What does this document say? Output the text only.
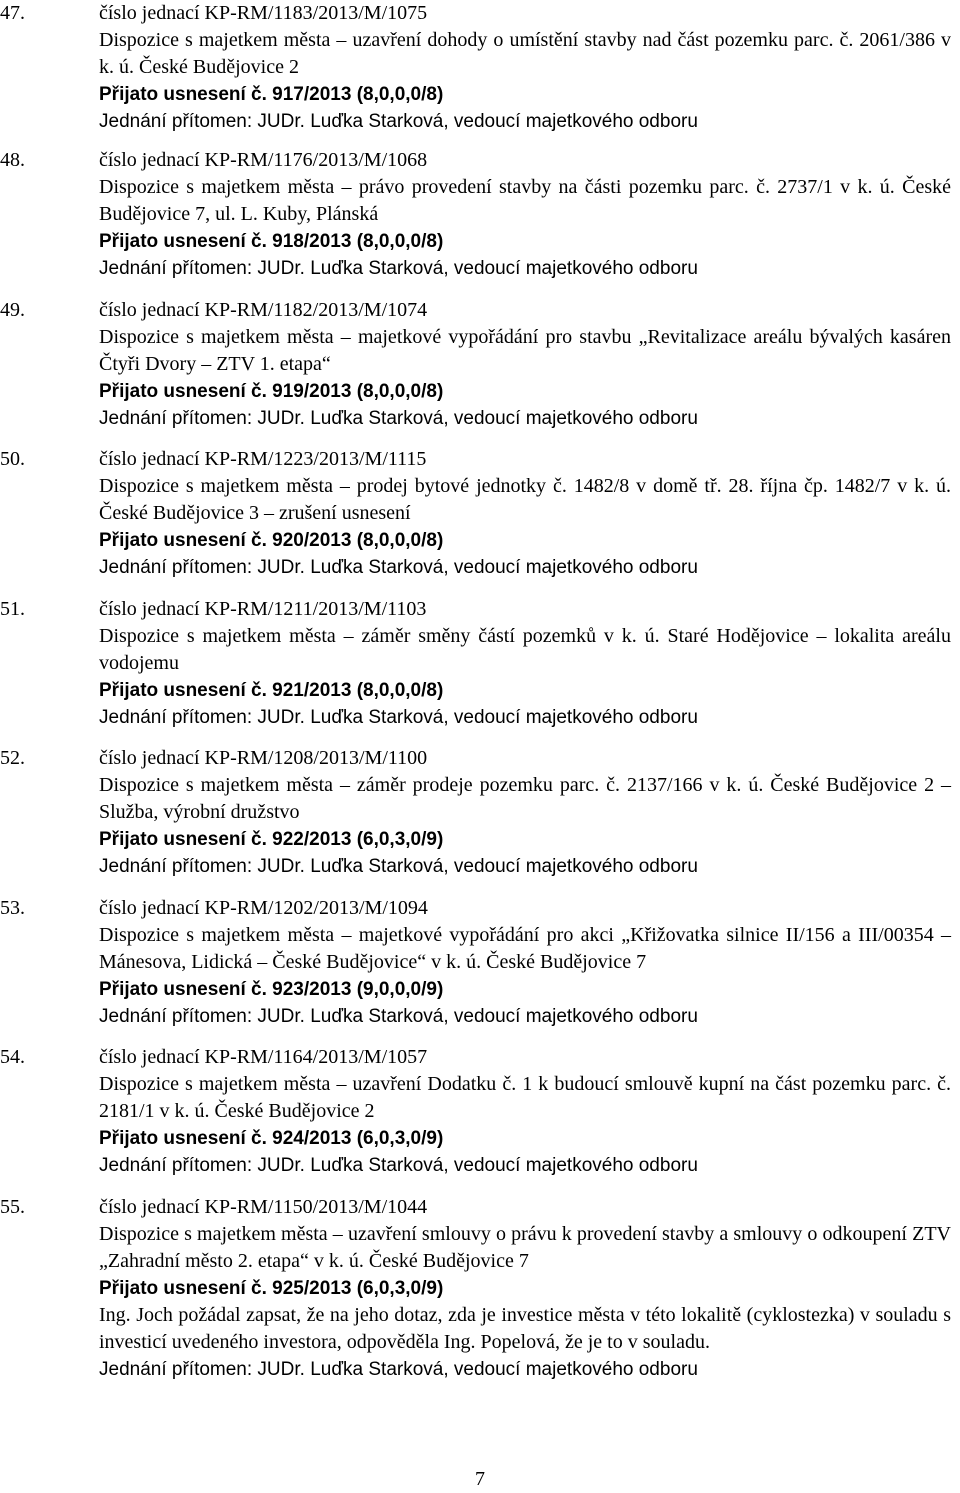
47.	číslo jednací KP-RM/1183/2013/M/1075

Dispozice s majetkem města – uzavření dohody o umístění stavby nad část pozemku parc. č. 2061/386 v k. ú. České Budějovice 2

Přijato usnesení č. 917/2013 (8,0,0,0/8)

Jednání přítomen: JUDr. Luďka Starková, vedoucí majetkového odboru

48.	číslo jednací KP-RM/1176/2013/M/1068

Dispozice s majetkem města – právo provedení stavby na části pozemku parc. č. 2737/1 v k. ú. České Budějovice 7, ul. L. Kuby, Plánská

Přijato usnesení č. 918/2013 (8,0,0,0/8)

Jednání přítomen: JUDr. Luďka Starková, vedoucí majetkového odboru

49.	číslo jednací KP-RM/1182/2013/M/1074

Dispozice s majetkem města – majetkové vypořádání pro stavbu „Revitalizace areálu bývalých kasáren Čtyři Dvory – ZTV 1. etapa“

Přijato usnesení č. 919/2013 (8,0,0,0/8)

Jednání přítomen: JUDr. Luďka Starková, vedoucí majetkového odboru

50.	číslo jednací KP-RM/1223/2013/M/1115

Dispozice s majetkem města – prodej bytové jednotky č. 1482/8 v domě tř. 28. října čp. 1482/7 v k. ú. České Budějovice 3 – zrušení usnesení

Přijato usnesení č. 920/2013 (8,0,0,0/8)

Jednání přítomen: JUDr. Luďka Starková, vedoucí majetkového odboru

51.	číslo jednací KP-RM/1211/2013/M/1103

Dispozice s majetkem města – záměr směny částí pozemků v k. ú. Staré Hodějovice – lokalita areálu vodojemu

Přijato usnesení č. 921/2013 (8,0,0,0/8)

Jednání přítomen: JUDr. Luďka Starková, vedoucí majetkového odboru

52.	číslo jednací KP-RM/1208/2013/M/1100

Dispozice s majetkem města – záměr prodeje pozemku parc. č. 2137/166 v k. ú. České Budějovice 2 – Služba, výrobní družstvo

Přijato usnesení č. 922/2013 (6,0,3,0/9)

Jednání přítomen: JUDr. Luďka Starková, vedoucí majetkového odboru

53.	číslo jednací KP-RM/1202/2013/M/1094

Dispozice s majetkem města – majetkové vypořádání pro akci „Křižovatka silnice II/156 a III/00354 – Mánesova, Lidická – České Budějovice“ v k. ú. České Budějovice 7

Přijato usnesení č. 923/2013 (9,0,0,0/9)

Jednání přítomen: JUDr. Luďka Starková, vedoucí majetkového odboru

54.	číslo jednací KP-RM/1164/2013/M/1057

Dispozice s majetkem města – uzavření Dodatku č. 1 k budoucí smlouvě kupní na část pozemku parc. č. 2181/1 v k. ú. České Budějovice 2

Přijato usnesení č. 924/2013 (6,0,3,0/9)

Jednání přítomen: JUDr. Luďka Starková, vedoucí majetkového odboru

55.	číslo jednací KP-RM/1150/2013/M/1044

Dispozice s majetkem města – uzavření smlouvy o právu k provedení stavby a smlouvy o odkoupení ZTV „Zahradní město 2. etapa“ v k. ú. České Budějovice 7

Přijato usnesení č. 925/2013 (6,0,3,0/9)

Ing. Joch požádal zapsat, že na jeho dotaz, zda je investice města v této lokalitě (cyklostezka) v souladu s investicí uvedeného investora, odpověděla Ing. Popelová, že je to v souladu.

Jednání přítomen: JUDr. Luďka Starková, vedoucí majetkového odboru

7
